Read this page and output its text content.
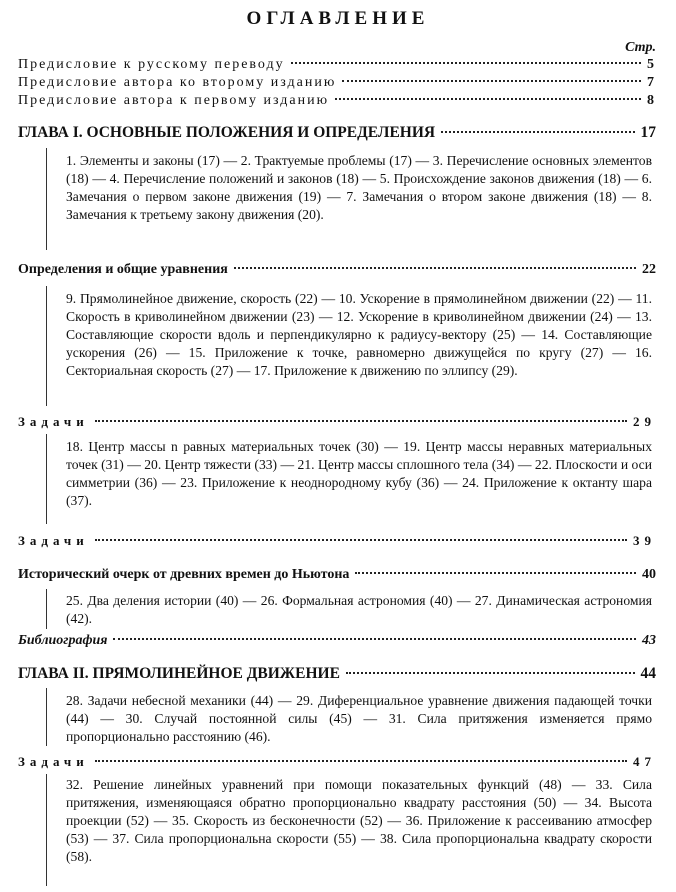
ОГЛАВЛЕНИЕ
Стр.
Предисловие к русскому переводу	5
Предисловие автора ко второму изданию	7
Предисловие автора к первому изданию	8
ГЛАВА I. ОСНОВНЫЕ ПОЛОЖЕНИЯ И ОПРЕДЕЛЕНИЯ	17
1. Элементы и законы (17) — 2. Трактуемые проблемы (17) — 3. Перечисление основных элементов (18) — 4. Перечисление положений и законов (18) — 5. Происхождение законов движения (18) — 6. Замечания о первом законе движения (19) — 7. Замечания о втором законе движения (18) — 8. Замечания к третьему закону движения (20).
Определения и общие уравнения	22
9. Прямолинейное движение, скорость (22) — 10. Ускорение в прямолинейном движении (22) — 11. Скорость в криволинейном движении (23) — 12. Ускорение в криволинейном движении (24) — 13. Составляющие скорости вдоль и перпендикулярно к радиусу-вектору (25) — 14. Составляющие ускорения (26) — 15. Приложение к точке, равномерно движущейся по кругу (27) — 16. Секториальная скорость (27) — 17. Приложение к движению по эллипсу (29).
Задачи	29
18. Центр массы n равных материальных точек (30) — 19. Центр массы неравных материальных точек (31) — 20. Центр тяжести (33) — 21. Центр массы сплошного тела (34) — 22. Плоскости и оси симметрии (36) — 23. Приложение к неоднородному кубу (36) — 24. Приложение к октанту шара (37).
Задачи	39
Исторический очерк от древних времен до Ньютона	40
25. Два деления истории (40) — 26. Формальная астрономия (40) — 27. Динамическая астрономия (42).
Библиография	43
ГЛАВА II. ПРЯМОЛИНЕЙНОЕ ДВИЖЕНИЕ	44
28. Задачи небесной механики (44) — 29. Диференциальное уравнение движения падающей точки (44) — 30. Случай постоянной силы (45) — 31. Сила притяжения изменяется прямо пропорционально расстоянию (46).
Задачи	47
32. Решение линейных уравнений при помощи показательных функций (48) — 33. Сила притяжения, изменяющаяся обратно пропорционально квадрату расстояния (50) — 34. Высота проекции (52) — 35. Скорость из бесконечности (52) — 36. Приложение к рассеиванию атмосфер (53) — 37. Сила пропорциональна скорости (55) — 38. Сила пропорциональна квадрату скорости (58).
